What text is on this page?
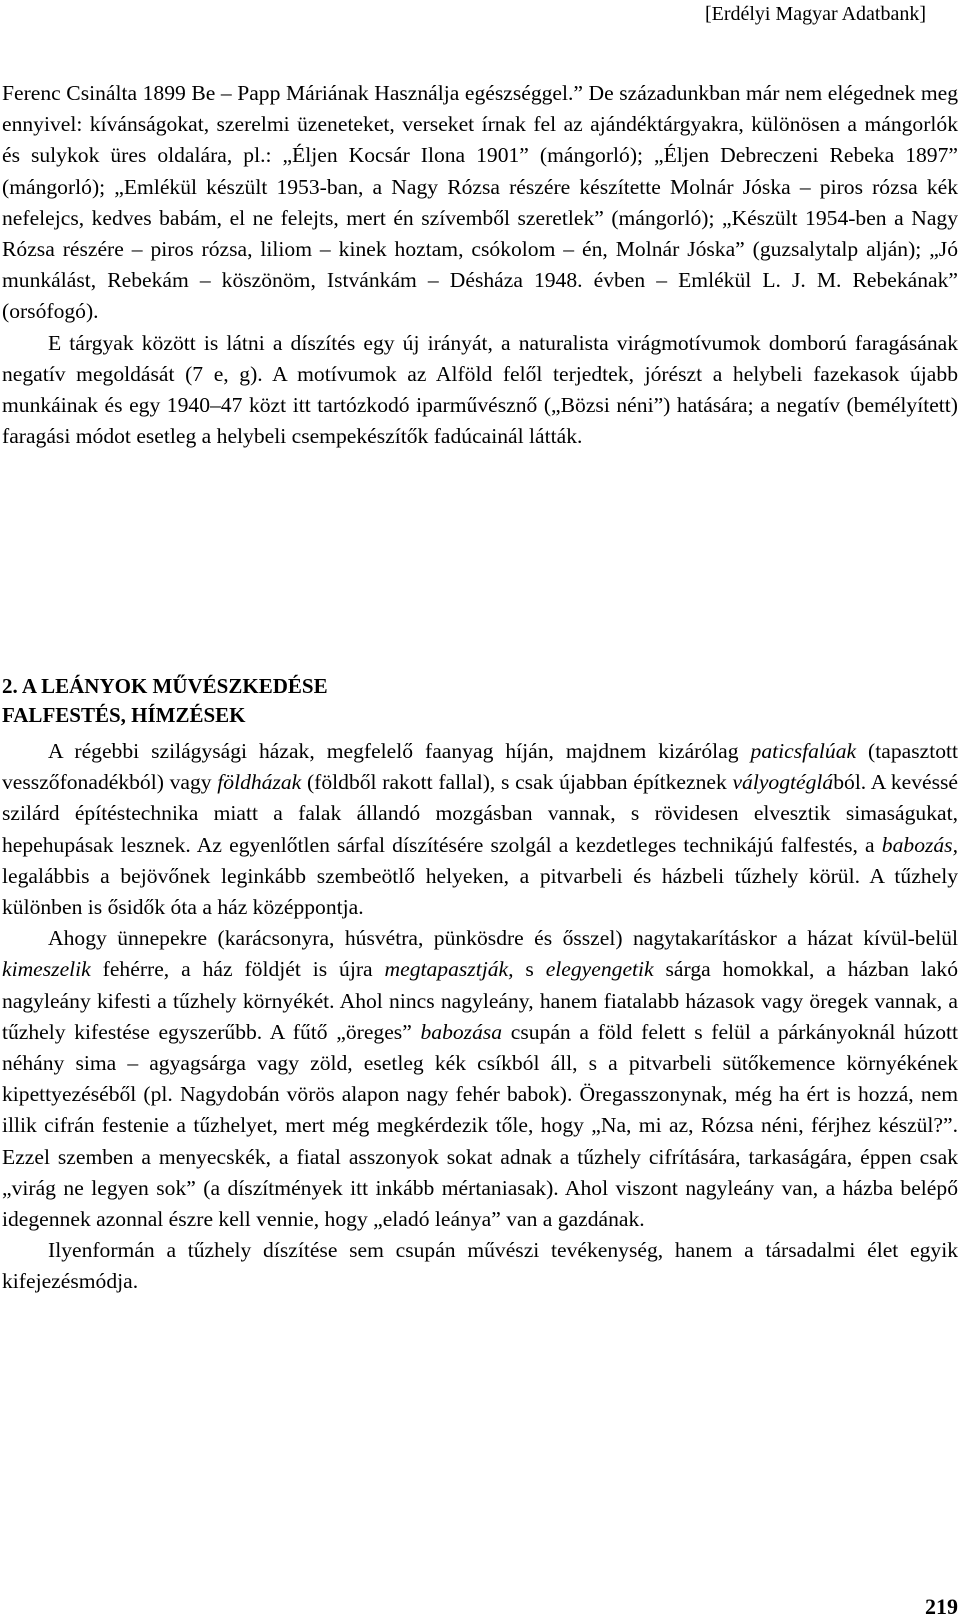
[Erdélyi Magyar Adatbank]

Ferenc Csinálta 1899 Be – Papp Máriának Használja egészséggel.” De századunkban már nem elégednek meg ennyivel: kívánságokat, szerelmi üzeneteket, verseket írnak fel az ajándéktárgyakra, különösen a mángorlók és sulykok üres oldalára, pl.: „Éljen Kocsár Ilona 1901” (mángorló); „Éljen Debreczeni Rebeka 1897” (mángorló); „Emlékül készült 1953-ban, a Nagy Rózsa részére készítette Molnár Jóska – piros rózsa kék nefelejcs, kedves babám, el ne felejts, mert én szívemből szeretlek” (mángorló); „Készült 1954-ben a Nagy Rózsa részére – piros rózsa, liliom – kinek hoztam, csókolom – én, Molnár Jóska” (guzsalytalp alján); „Jó munkálást, Rebekám – köszönöm, Istvánkám – Désháza 1948. évben – Emlékül L. J. M. Rebekának” (orsófogó).

E tárgyak között is látni a díszítés egy új irányát, a naturalista virágmotívumok domború faragásának negatív megoldását (7 e, g). A motívumok az Alföld felől terjedtek, jórészt a helybeli fazekasok újabb munkáinak és egy 1940–47 közt itt tartózkodó iparművésznő („Bözsi néni”) hatására; a negatív (bemélyített) faragási módot esetleg a helybeli csempekészítők fadúcainál látták.

2. A LEÁNYOK MŰVÉSZKEDÉSE
FALFESTÉS, HÍMZÉSEK

A régebbi szilágysági házak, megfelelő faanyag híján, majdnem kizárólag paticsfalúak (tapasztott vesszőfonadékból) vagy földházak (földből rakott fallal), s csak újabban építkeznek vályogtéglából. A kevéssé szilárd építéstechnika miatt a falak állandó mozgásban vannak, s rövidesen elvesztik simaságukat, hepehupásak lesznek. Az egyenlőtlen sárfal díszítésére szolgál a kezdetleges technikájú falfestés, a babozás, legalábbis a bejövőnek leginkább szembeötlő helyeken, a pitvarbeli és házbeli tűzhely körül. A tűzhely különben is ősidők óta a ház középpontja.

Ahogy ünnepekre (karácsonyra, húsvétra, pünkösdre és ősszel) nagytakarításkor a házat kívül-belül kimeszelik fehérre, a ház földjét is újra megtapasztják, s elegyengetik sárga homokkal, a házban lakó nagyleány kifesti a tűzhely környékét. Ahol nincs nagyleány, hanem fiatalabb házasok vagy öregek vannak, a tűzhely kifestése egyszerűbb. A fűtő „öreges” babozása csupán a föld felett s felül a párkányoknál húzott néhány sima – agyagsárga vagy zöld, esetleg kék csíkból áll, s a pitvarbeli sütőkemence környékének kipettyezéséből (pl. Nagydobán vörös alapon nagy fehér babok). Öregasszonynak, még ha ért is hozzá, nem illik cifrán festenie a tűzhelyet, mert még megkérdezik tőle, hogy „Na, mi az, Rózsa néni, férjhez készül?”. Ezzel szemben a menyecskék, a fiatal asszonyok sokat adnak a tűzhely cifrítására, tarkaságára, éppen csak „virág ne legyen sok” (a díszítmények itt inkább mértaniasak). Ahol viszont nagyleány van, a házba belépő idegennek azonnal észre kell vennie, hogy „eladó leánya” van a gazdának.

Ilyenformán a tűzhely díszítése sem csupán művészi tevékenység, hanem a társadalmi élet egyik kifejezésmódja.

219
